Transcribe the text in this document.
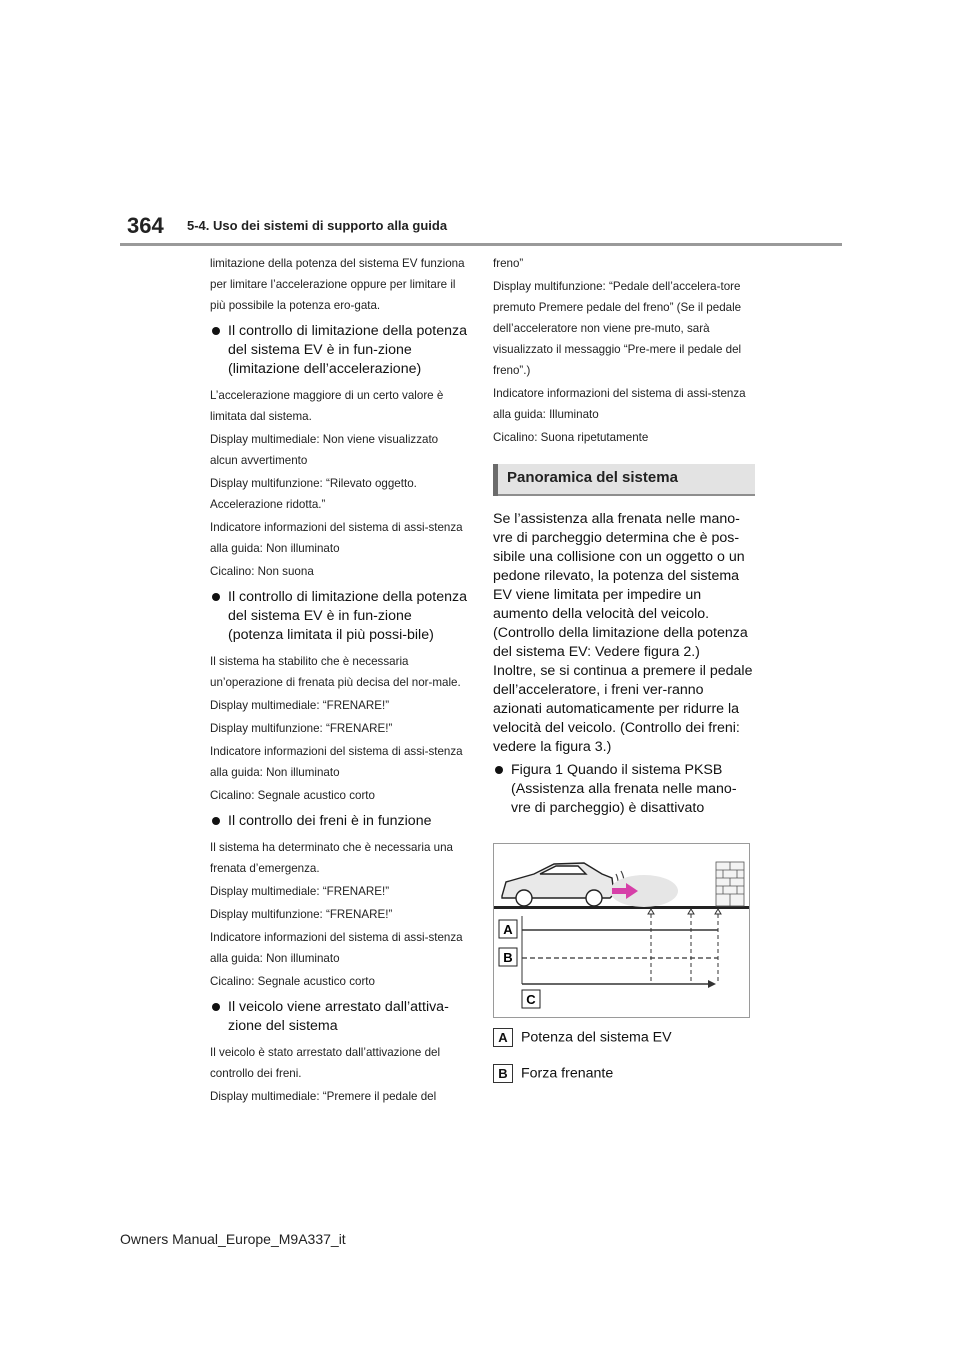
364 5-4. Uso dei sistemi di supporto alla guida

limitazione della potenza del sistema EV funziona per limitare l’accelerazione oppure per limitare il più possibile la potenza ero-gata.

Il controllo di limitazione della potenza del sistema EV è in fun-zione (limitazione dell’accelerazione)

L’accelerazione maggiore di un certo valore è limitata dal sistema.

Display multimediale: Non viene visualizzato alcun avvertimento

Display multifunzione: “Rilevato oggetto. Accelerazione ridotta.”

Indicatore informazioni del sistema di assi-stenza alla guida: Non illuminato

Cicalino: Non suona

Il controllo di limitazione della potenza del sistema EV è in fun-zione (potenza limitata il più possi-bile)

Il sistema ha stabilito che è necessaria un’operazione di frenata più decisa del nor-male.

Display multimediale: “FRENARE!”

Display multifunzione: “FRENARE!”

Indicatore informazioni del sistema di assi-stenza alla guida: Non illuminato

Cicalino: Segnale acustico corto

Il controllo dei freni è in funzione

Il sistema ha determinato che è necessaria una frenata d’emergenza.

Display multimediale: “FRENARE!”

Display multifunzione: “FRENARE!”

Indicatore informazioni del sistema di assi-stenza alla guida: Non illuminato

Cicalino: Segnale acustico corto

Il veicolo viene arrestato dall’attiva-zione del sistema

Il veicolo è stato arrestato dall’attivazione del controllo dei freni.

Display multimediale: “Premere il pedale del

freno”

Display multifunzione: “Pedale dell’accelera-tore premuto Premere pedale del freno” (Se il pedale dell’acceleratore non viene pre-muto, sarà visualizzato il messaggio “Pre-mere il pedale del freno”.)

Indicatore informazioni del sistema di assi-stenza alla guida: Illuminato

Cicalino: Suona ripetutamente

Panoramica del sistema

Se l’assistenza alla frenata nelle mano-vre di parcheggio determina che è pos-sibile una collisione con un oggetto o un pedone rilevato, la potenza del sistema EV viene limitata per impedire un aumento della velocità del veicolo. (Controllo della limitazione della potenza del sistema EV: Vedere figura 2.)

Inoltre, se si continua a premere il pedale dell’acceleratore, i freni ver-ranno azionati automaticamente per ridurre la velocità del veicolo. (Controllo dei freni: vedere la figura 3.)

Figura 1 Quando il sistema PKSB (Assistenza alla frenata nelle mano-vre di parcheggio) è disattivato
A
B
C
A Potenza del sistema EV
B Forza frenante
Owners Manual_Europe_M9A337_it
